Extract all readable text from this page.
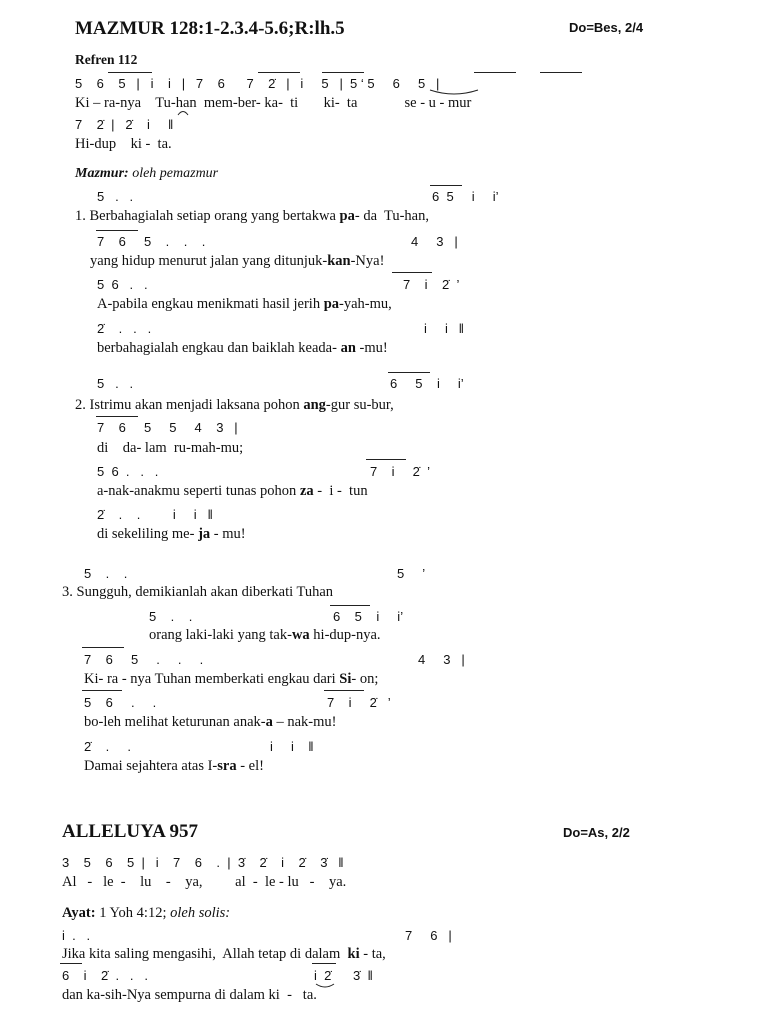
MAZMUR 128:1-2.3.4-5.6;R:lh.5	Do=Bes, 2/4
Refren 112
5    6    5   |   i    i   |   7    6      7    2̇   |   i     5   |  5 ‘ 5     6     5   |
Ki – ra-nya    Tu-han  mem-ber- ka-  ti       ki-  ta             se - u - mur
7    2̇  |   2̇    i     ‖
Hi-dup    ki -  ta.
Mazmur: oleh pemazmur
5   .   .	6  5     i     i’
1. Berbahagialah setiap orang yang bertakwa pa- da  Tu-han,
7    6     5    .    .    .	4     3   |
yang hidup menurut jalan yang ditunjuk-kan-Nya!
5  6   .   .	7    i    2̇  ’
A-pabila engkau menikmati hasil jerih pa-yah-mu,
2̇    .   .   .	i     i   ‖
berbahagialah engkau dan baiklah keada- an -mu!
5   .   .	6     5    i     i’
2. Istrimu akan menjadi laksana pohon ang-gur su-bur,
7    6     5     5     4    3   |
di    da- lam  ru-mah-mu;
5  6  .   .   .	7    i     2̇  ’
a-nak-anakmu seperti tunas pohon za -  i -  tun
2̇    .    .         i     i   ‖
di sekeliling me- ja - mu!
5    .    .	5     ’
3. Sungguh, demikianlah akan diberkati Tuhan
5    .    .	6    5    i     i’
orang laki-laki yang tak-wa hi-dup-nya.
7    6     5     .     .     .	4     3   |
Ki- ra - nya Tuhan memberkati engkau dari Si- on;
5    6     .     .	7    i     2̇   ’
bo-leh melihat keturunan anak-a – nak-mu!
2̇    .     .	i     i    ‖
Damai sejahtera atas I-sra - el!
ALLELUYA 957	Do=As, 2/2
3    5    6    5  |   i    7    6    .  |  3̇    2̇    i    2̇    3̇   ‖
Al   -   le  -    lu    -    ya,         al  -  le - lu   -    ya.
Ayat: 1 Yoh 4:12; oleh solis:
i  .   .	7     6   |
Jika kita saling mengasihi,  Allah tetap di dalam  ki - ta,
6    i    2̇  .   .   .	i  2̇      3̇  ‖
dan ka-sih-Nya sempurna di dalam ki  -   ta.
